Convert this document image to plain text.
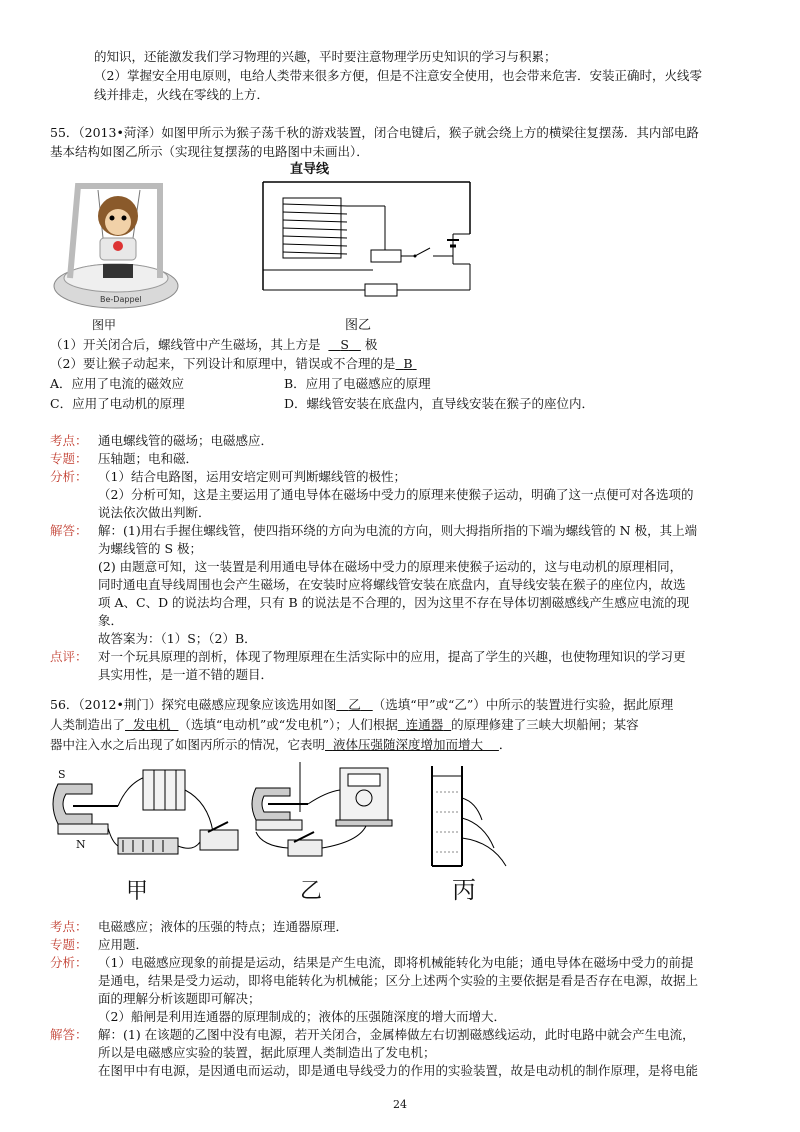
的知识，还能激发我们学习物理的兴趣，平时要注意物理学历史知识的学习与积累；
（2）掌握安全用电原则，电给人类带来很多方便，但是不注意安全使用，也会带来危害．安装正确时，火线零
线并排走，火线在零线的上方．
55．（2013•菏泽）如图甲所示为猴子荡千秋的游戏装置，闭合电键后，猴子就会绕上方的横梁往复摆荡．其内部电路
基本结构如图乙所示（实现往复摆荡的电路图中未画出）．
Be-Dappel
图甲
直导线
图乙
（1）开关闭合后，螺线管中产生磁场，其上方是 S 极
（2）要让猴子动起来，下列设计和原理中，错误或不合理的是 B
A．应用了电流的磁效应	B．应用了电磁感应的原理
C．应用了电动机的原理	D．螺线管安装在底盘内，直导线安装在猴子的座位内．
考点： 通电螺线管的磁场；电磁感应．
专题： 压轴题；电和磁．
分析： （1）结合电路图，运用安培定则可判断螺线管的极性；
（2）分析可知，这是主要运用了通电导体在磁场中受力的原理来使猴子运动，明确了这一点便可对各选项的
说法依次做出判断．
解答： 解：(1)用右手握住螺线管，使四指环绕的方向为电流的方向，则大拇指所指的下端为螺线管的 N 极，其上端
为螺线管的 S 极；
(2) 由题意可知，这一装置是利用通电导体在磁场中受力的原理来使猴子运动的，这与电动机的原理相同，
同时通电直导线周围也会产生磁场，在安装时应将螺线管安装在底盘内，直导线安装在猴子的座位内，故选
项 A、C、D 的说法均合理，只有 B 的说法是不合理的，因为这里不存在导体切割磁感线产生感应电流的现
象．
故答案为：（1）S；（2）B．
点评： 对一个玩具原理的剖析，体现了物理原理在生活实际中的应用，提高了学生的兴趣，也使物理知识的学习更
具实用性，是一道不错的题目．
56．（2012•荆门）探究电磁感应现象应该选用如图 乙 （选填“甲”或“乙”）中所示的装置进行实验，据此原理
人类制造出了 发电机 （选填“电动机”或“发电机”）；人们根据 连通器 的原理修建了三峡大坝船闸；某容
器中注入水之后出现了如图丙所示的情况，它表明 液体压强随深度增加而增大 ．
S
N
甲	乙	丙
考点： 电磁感应；液体的压强的特点；连通器原理．
专题： 应用题．
分析： （1）电磁感应现象的前提是运动，结果是产生电流，即将机械能转化为电能；通电导体在磁场中受力的前提
是通电，结果是受力运动，即将电能转化为机械能；区分上述两个实验的主要依据是看是否存在电源，故据上
面的理解分析该题即可解决；
（2）船闸是利用连通器的原理制成的；液体的压强随深度的增大而增大．
解答： 解：(1) 在该题的乙图中没有电源，若开关闭合，金属棒做左右切割磁感线运动，此时电路中就会产生电流，
所以是电磁感应实验的装置，据此原理人类制造出了发电机；
在图甲中有电源，是因通电而运动，即是通电导线受力的作用的实验装置，故是电动机的制作原理，是将电能
24
